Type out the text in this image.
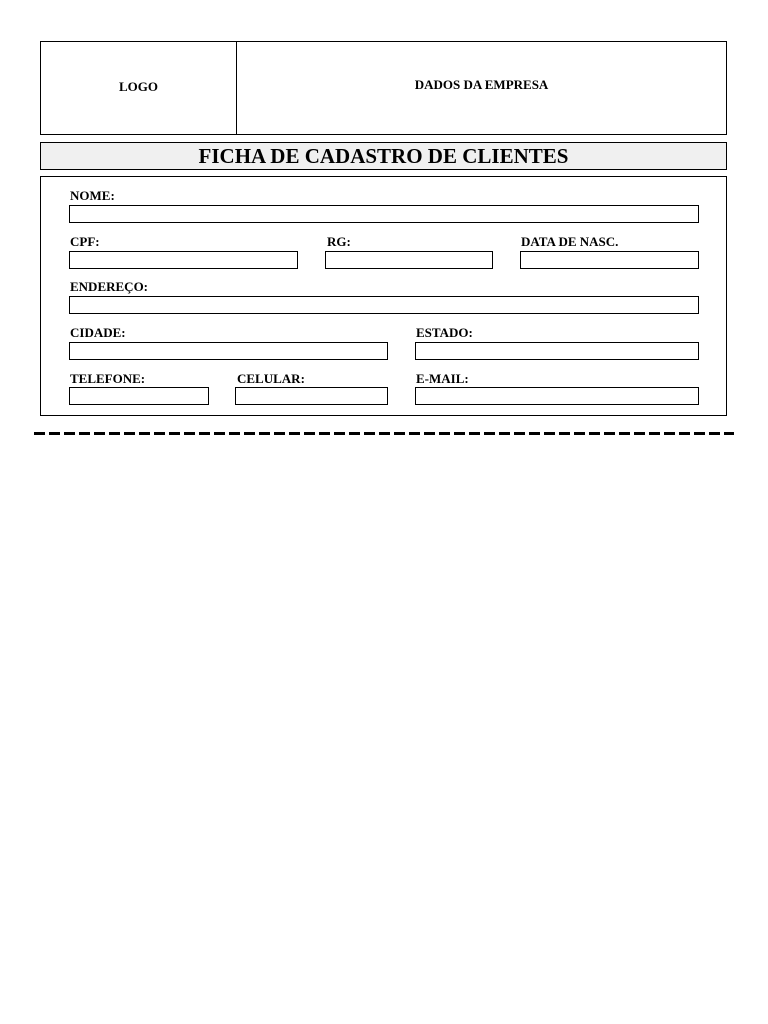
LOGO	DADOS DA EMPRESA
FICHA DE CADASTRO DE CLIENTES
NOME:
CPF:	RG:	DATA DE NASC.
ENDEREÇO:
CIDADE:	ESTADO:
TELEFONE:	CELULAR:	E-MAIL:
